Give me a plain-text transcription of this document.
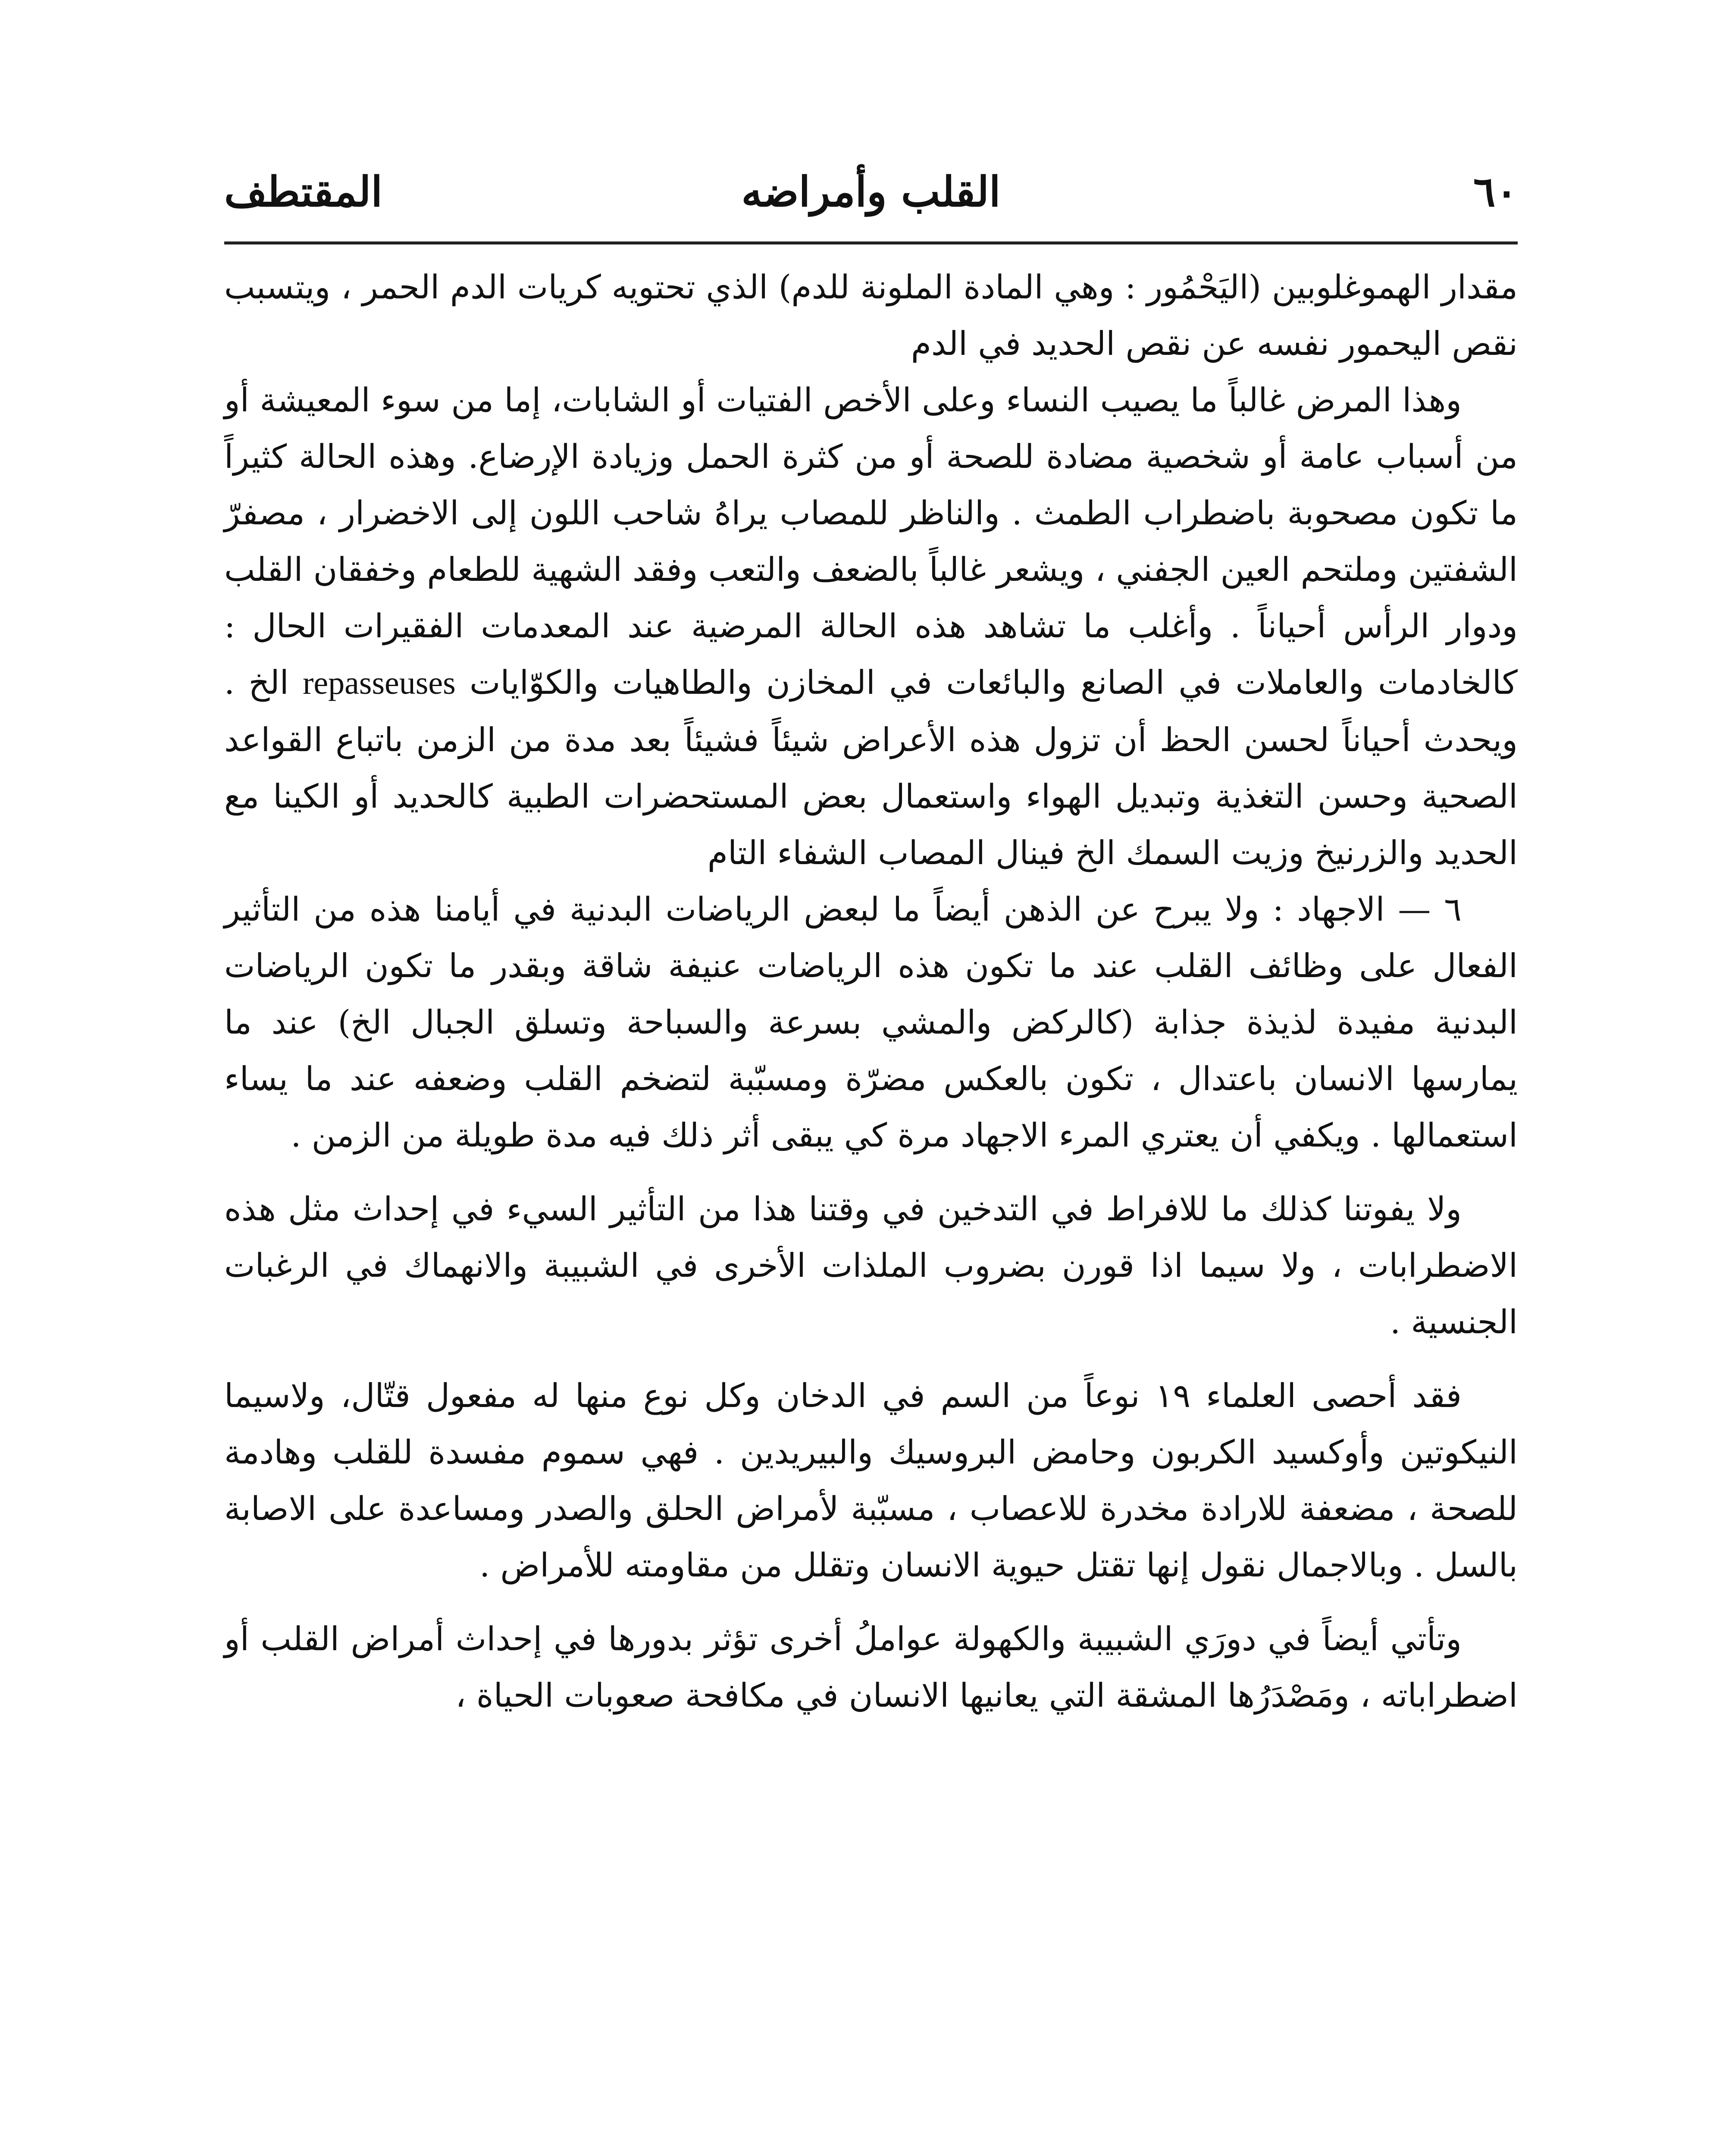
٦٠
القلب وأمراضه
المقتطف

مقدار الهموغلوبين (اليَحْمُور : وهي المادة الملونة للدم) الذي تحتويه كريات الدم الحمر ، ويتسبب نقص اليحمور نفسه عن نقص الحديد في الدم

وهذا المرض غالباً ما يصيب النساء وعلى الأخص الفتيات أو الشابات، إما من سوء المعيشة أو من أسباب عامة أو شخصية مضادة للصحة أو من كثرة الحمل وزيادة الإرضاع. وهذه الحالة كثيراً ما تكون مصحوبة باضطراب الطمث . والناظر للمصاب يراهُ شاحب اللون إلى الاخضرار ، مصفرّ الشفتين وملتحم العين الجفني ، ويشعر غالباً بالضعف والتعب وفقد الشهية للطعام وخفقان القلب ودوار الرأس أحياناً . وأغلب ما تشاهد هذه الحالة المرضية عند المعدمات الفقيرات الحال : كالخادمات والعاملات في الصانع والبائعات في المخازن والطاهيات والكوّايات repasseuses الخ . ويحدث أحياناً لحسن الحظ أن تزول هذه الأعراض شيئاً فشيئاً بعد مدة من الزمن باتباع القواعد الصحية وحسن التغذية وتبديل الهواء واستعمال بعض المستحضرات الطبية كالحديد أو الكينا مع الحديد والزرنيخ وزيت السمك الخ فينال المصاب الشفاء التام

٦ — الاجهاد : ولا يبرح عن الذهن أيضاً ما لبعض الرياضات البدنية في أيامنا هذه من التأثير الفعال على وظائف القلب عند ما تكون هذه الرياضات عنيفة شاقة وبقدر ما تكون الرياضات البدنية مفيدة لذيذة جذابة (كالركض والمشي بسرعة والسباحة وتسلق الجبال الخ) عند ما يمارسها الانسان باعتدال ، تكون بالعكس مضرّة ومسبّبة لتضخم القلب وضعفه عند ما يساء استعمالها . ويكفي أن يعتري المرء الاجهاد مرة كي يبقى أثر ذلك فيه مدة طويلة من الزمن .

ولا يفوتنا كذلك ما للافراط في التدخين في وقتنا هذا من التأثير السيء في إحداث مثل هذه الاضطرابات ، ولا سيما اذا قورن بضروب الملذات الأخرى في الشبيبة والانهماك في الرغبات الجنسية .

فقد أحصى العلماء ١٩ نوعاً من السم في الدخان وكل نوع منها له مفعول قتّال، ولاسيما النيكوتين وأوكسيد الكربون وحامض البروسيك والبيريدين . فهي سموم مفسدة للقلب وهادمة للصحة ، مضعفة للارادة مخدرة للاعصاب ، مسبّبة لأمراض الحلق والصدر ومساعدة على الاصابة بالسل . وبالاجمال نقول إنها تقتل حيوية الانسان وتقلل من مقاومته للأمراض .

وتأتي أيضاً في دورَي الشبيبة والكهولة عواملُ أخرى تؤثر بدورها في إحداث أمراض القلب أو اضطراباته ، ومَصْدَرُها المشقة التي يعانيها الانسان في مكافحة صعوبات الحياة ،
